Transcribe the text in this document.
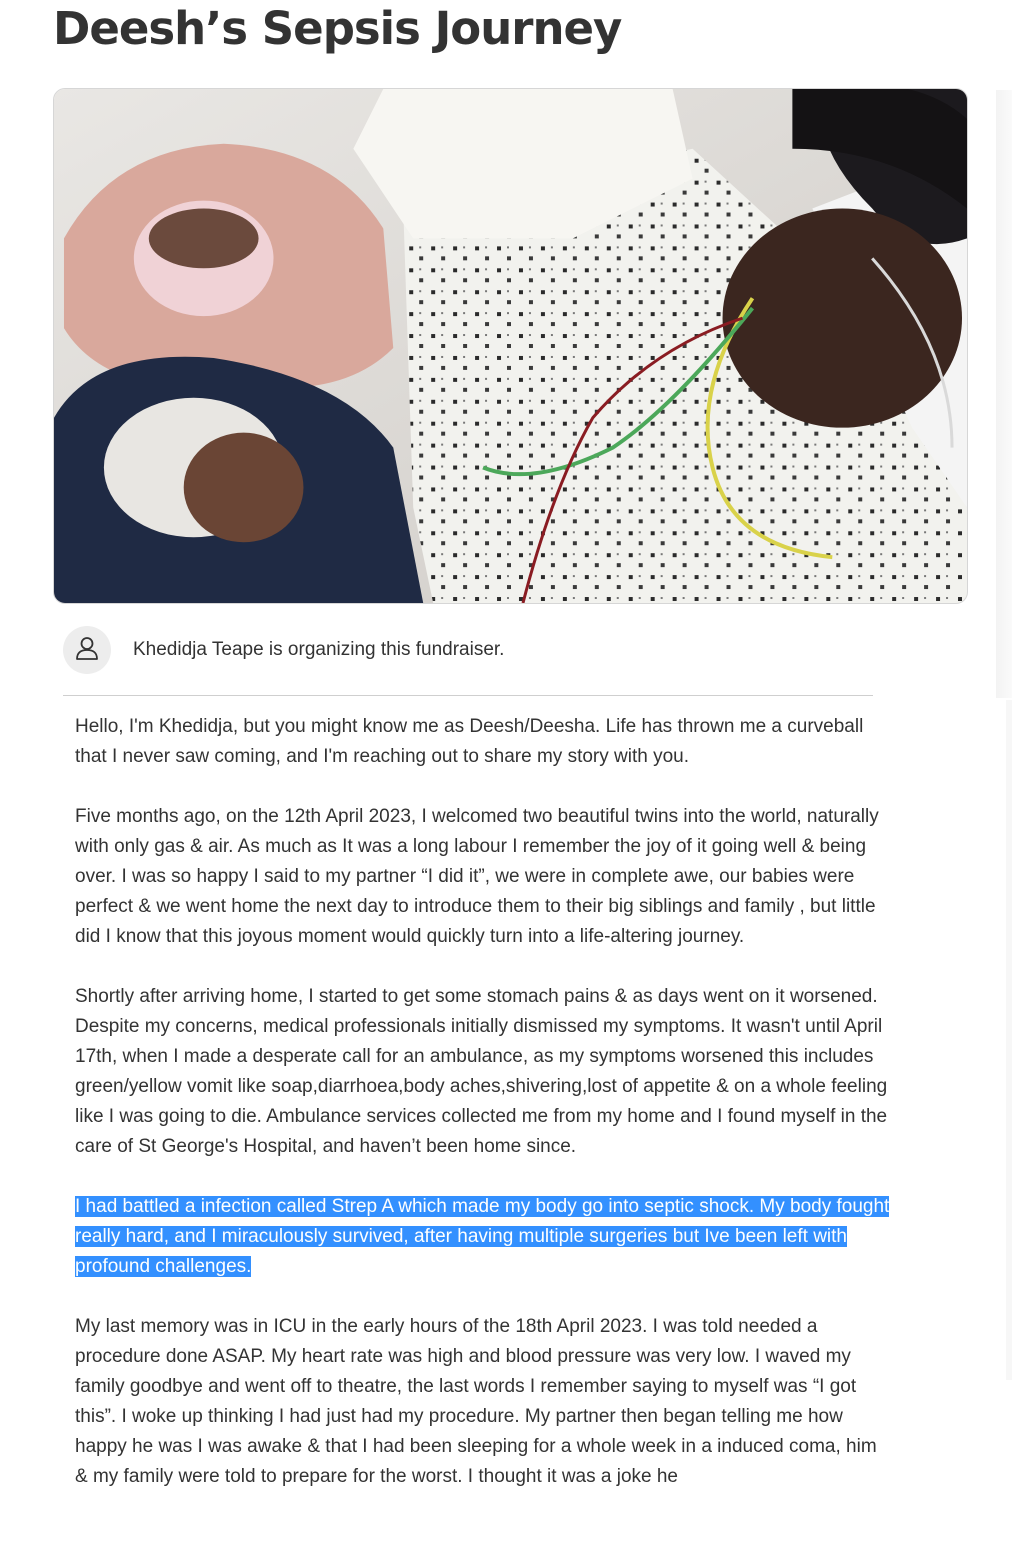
Deesh’s Sepsis Journey
Khedidja Teape is organizing this fundraiser.

Hello, I'm Khedidja, but you might know me as Deesh/Deesha. Life has thrown me a curveball that I never saw coming, and I'm reaching out to share my story with you.

Five months ago, on the 12th April 2023, I welcomed two beautiful twins into the world, naturally with only gas & air. As much as It was a long labour I remember the joy of it going well & being over. I was so happy I said to my partner “I did it”, we were in complete awe, our babies were perfect & we went home the next day to introduce them to their big siblings and family , but little did I know that this joyous moment would quickly turn into a life-altering journey.

Shortly after arriving home, I started to get some stomach pains & as days went on it worsened. Despite my concerns, medical professionals initially dismissed my symptoms. It wasn't until April 17th, when I made a desperate call for an ambulance, as my symptoms worsened this includes green/yellow vomit like soap,diarrhoea,body aches,shivering,lost of appetite & on a whole feeling like I was going to die. Ambulance services collected me from my home and I found myself in the care of St George's Hospital, and haven’t been home since.

I had battled a infection called Strep A which made my body go into septic shock. My body fought really hard, and I miraculously survived, after having multiple surgeries but Ive been left with profound challenges.

My last memory was in ICU in the early hours of the 18th April 2023. I was told needed a procedure done ASAP. My heart rate was high and blood pressure was very low. I waved my family goodbye and went off to theatre, the last words I remember saying to myself was “I got this”. I woke up thinking I had just had my procedure. My partner then began telling me how happy he was I was awake & that I had been sleeping for a whole week in a induced coma, him & my family were told to prepare for the worst. I thought it was a joke he
